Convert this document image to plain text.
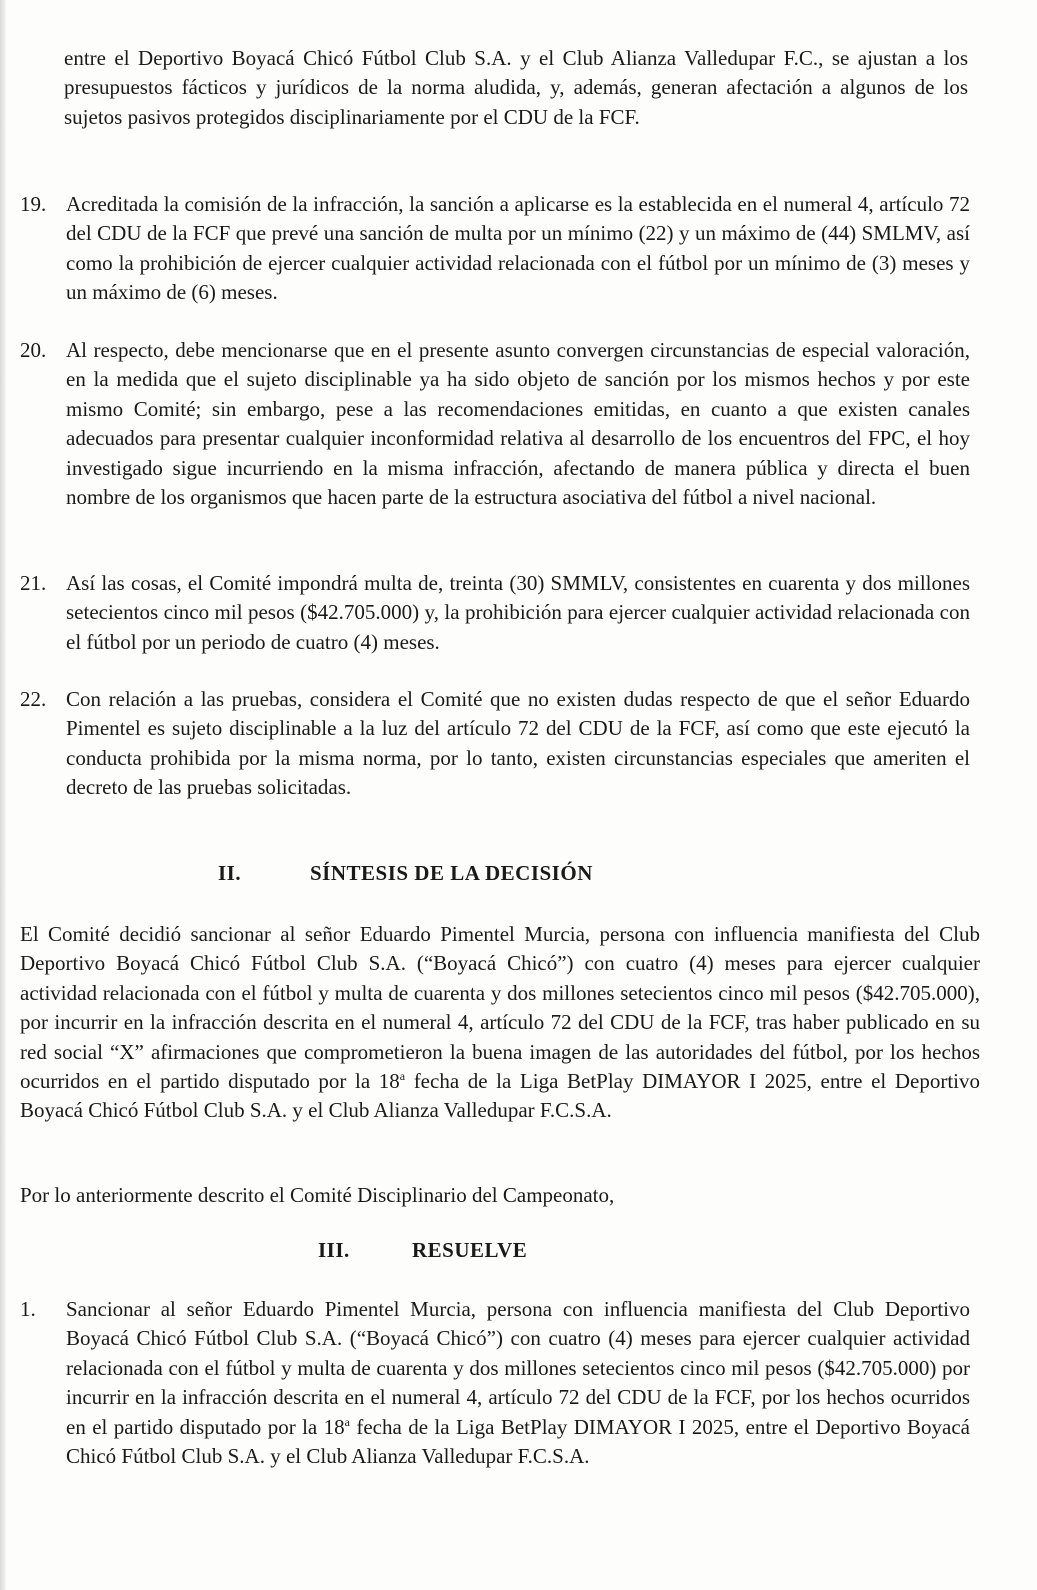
entre el Deportivo Boyacá Chicó Fútbol Club S.A. y el Club Alianza Valledupar F.C., se ajustan a los presupuestos fácticos y jurídicos de la norma aludida, y, además, generan afectación a algunos de los sujetos pasivos protegidos disciplinariamente por el CDU de la FCF.

19. Acreditada la comisión de la infracción, la sanción a aplicarse es la establecida en el numeral 4, artículo 72 del CDU de la FCF que prevé una sanción de multa por un mínimo (22) y un máximo de (44) SMLMV, así como la prohibición de ejercer cualquier actividad relacionada con el fútbol por un mínimo de (3) meses y un máximo de (6) meses.
20. Al respecto, debe mencionarse que en el presente asunto convergen circunstancias de especial valoración, en la medida que el sujeto disciplinable ya ha sido objeto de sanción por los mismos hechos y por este mismo Comité; sin embargo, pese a las recomendaciones emitidas, en cuanto a que existen canales adecuados para presentar cualquier inconformidad relativa al desarrollo de los encuentros del FPC, el hoy investigado sigue incurriendo en la misma infracción, afectando de manera pública y directa el buen nombre de los organismos que hacen parte de la estructura asociativa del fútbol a nivel nacional.
21. Así las cosas, el Comité impondrá multa de, treinta (30) SMMLV, consistentes en cuarenta y dos millones setecientos cinco mil pesos ($42.705.000) y, la prohibición para ejercer cualquier actividad relacionada con el fútbol por un periodo de cuatro (4) meses.
22. Con relación a las pruebas, considera el Comité que no existen dudas respecto de que el señor Eduardo Pimentel es sujeto disciplinable a la luz del artículo 72 del CDU de la FCF, así como que este ejecutó la conducta prohibida por la misma norma, por lo tanto, existen circunstancias especiales que ameriten el decreto de las pruebas solicitadas.
II.	SÍNTESIS DE LA DECISIÓN

El Comité decidió sancionar al señor Eduardo Pimentel Murcia, persona con influencia manifiesta del Club Deportivo Boyacá Chicó Fútbol Club S.A. (“Boyacá Chicó”) con cuatro (4) meses para ejercer cualquier actividad relacionada con el fútbol y multa de cuarenta y dos millones setecientos cinco mil pesos ($42.705.000), por incurrir en la infracción descrita en el numeral 4, artículo 72 del CDU de la FCF, tras haber publicado en su red social “X” afirmaciones que comprometieron la buena imagen de las autoridades del fútbol, por los hechos ocurridos en el partido disputado por la 18$^a$ fecha de la Liga BetPlay DIMAYOR I 2025, entre el Deportivo Boyacá Chicó Fútbol Club S.A. y el Club Alianza Valledupar F.C.S.A.

Por lo anteriormente descrito el Comité Disciplinario del Campeonato,

III.	RESUELVE
1.	Sancionar al señor Eduardo Pimentel Murcia, persona con influencia manifiesta del Club Deportivo Boyacá Chicó Fútbol Club S.A. (“Boyacá Chicó”) con cuatro (4) meses para ejercer cualquier actividad relacionada con el fútbol y multa de cuarenta y dos millones setecientos cinco mil pesos ($42.705.000) por incurrir en la infracción descrita en el numeral 4, artículo 72 del CDU de la FCF, por los hechos ocurridos en el partido disputado por la 18$^a$ fecha de la Liga BetPlay DIMAYOR I 2025, entre el Deportivo Boyacá Chicó Fútbol Club S.A. y el Club Alianza Valledupar F.C.S.A.
